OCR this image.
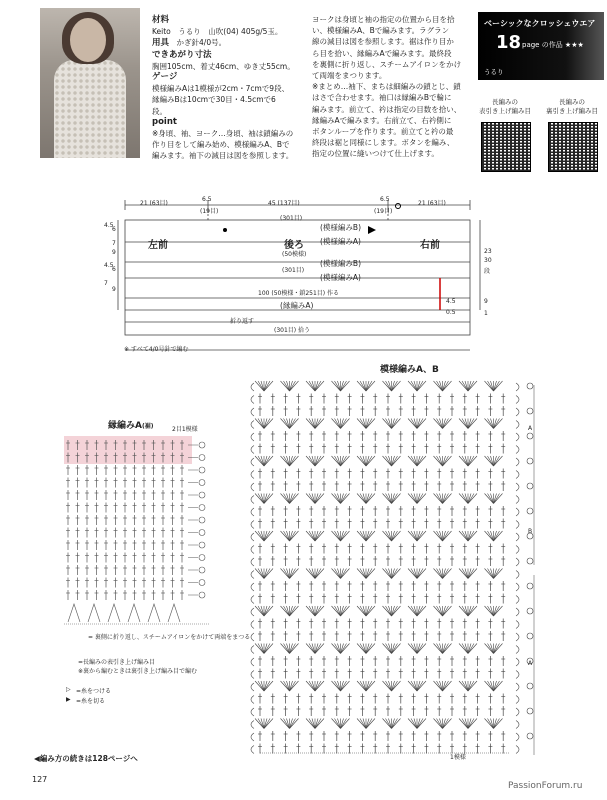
材料
Keito　うるり　山吹(04) 405g/5玉。
用具　 かぎ針4/0号。
できあがり寸法
胸囲105cm、着丈46cm、ゆき丈55cm。
ゲージ
模様編みAは1模様が2cm・7cmで9段、
縁編みBは10cmで30目・4.5cmで6
段。
point
※身頃、袖、ヨーク…身頃、袖は鎖編みの
作り目をして編み始め、模様編みA、Bで
編みます。袖下の減目は図を参照します。
ヨークは身頃と袖の指定の位置から目を拾
い、模様編みA、Bで編みます。ラグラン
線の減目は図を参照します。裾は作り目か
ら目を拾い、縁編みAで編みます。最終段
を裏側に折り返し、スチームアイロンをかけ
て両端をまつります。
※まとめ…袖下、まちは細編みの鎖とじ、鎖
はさで合わせます。袖口は縁編みBで輪に
編みます。前立て、衿は指定の目数を拾い、
縁編みAで編みます。右前立て、右衿側に
ボタンループを作ります。前立てと衿の最
終段は裾と同様にします。ボタンを編み、
指定の位置に縫いつけて仕上げます。
ベーシックなクロッシェウエア
18 page の作品 ★★★
うるり
長編みの
表引き上げ編み目
長編みの
裏引き上げ編み目
21 (63目)	45 (137目)	21 (63目)
6.5
(19目)
6.5
(19目)
(301目)
(模様編みB)
(模様編みA)
左前	後ろ	右前
(50模様)
(301目)
(模様編みB)
(模様編みA)
100 (50模様・鎖251目) 作る
(縁編みA)
折り返す
(301目) 拾う
4.5
6
7
9
4.5
6
7
9
23
30
段
4.5
0.5
9
1
※ すべて4/0号針で編む
縁編みA(裾)	2目1模様
= 裏側に折り返し、スチームアイロンをかけて両端をまつる
=長編みの表引き上げ編み目
※裏から編むときは裏引き上げ編み目で編む
=糸をつける
=糸を切る
▷
▶
模様編みA、B
A
B
A
1模様
◀編み方の続きは128ページへ
127
PassionForum.ru
